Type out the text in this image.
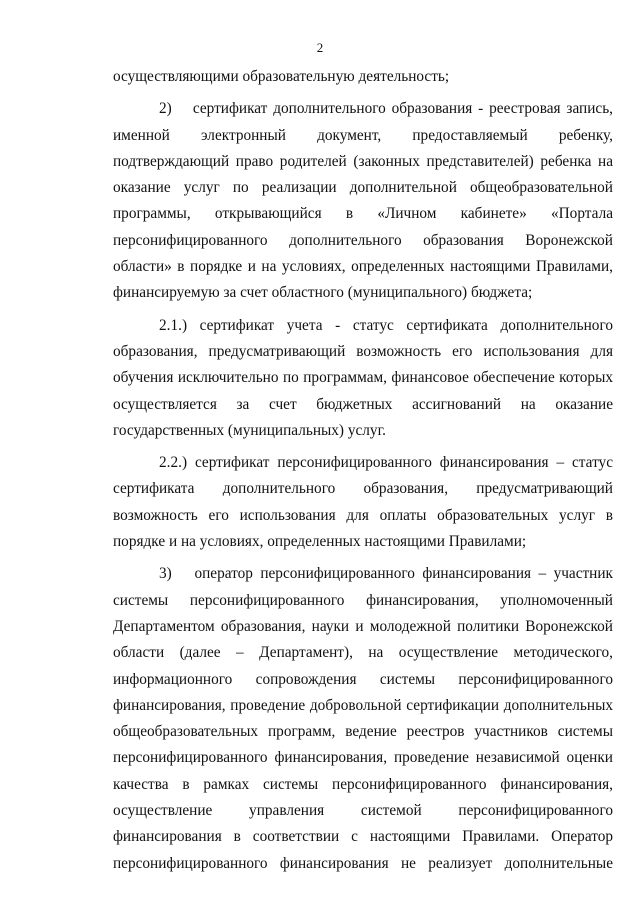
2

осуществляющими образовательную деятельность;

2)  сертификат дополнительного образования - реестровая запись, именной электронный документ, предоставляемый ребенку, подтверждающий право родителей (законных представителей) ребенка на оказание услуг по реализации дополнительной общеобразовательной программы, открывающийся в «Личном кабинете» «Портала персонифицированного дополнительного образования Воронежской области» в порядке и на условиях, определенных настоящими Правилами, финансируемую за счет областного (муниципального) бюджета;

2.1.) сертификат учета - статус сертификата дополнительного образования, предусматривающий возможность его использования для обучения исключительно по программам, финансовое обеспечение которых осуществляется за счет бюджетных ассигнований на оказание государственных (муниципальных) услуг.

2.2.) сертификат персонифицированного финансирования – статус сертификата дополнительного образования, предусматривающий возможность его использования для оплаты образовательных услуг в порядке и на условиях, определенных настоящими Правилами;

3)  оператор персонифицированного финансирования – участник системы персонифицированного финансирования, уполномоченный Департаментом образования, науки и молодежной политики Воронежской области (далее – Департамент), на осуществление методического, информационного сопровождения системы персонифицированного финансирования, проведение добровольной сертификации дополнительных общеобразовательных программ, ведение реестров участников системы персонифицированного финансирования, проведение независимой оценки качества в рамках системы персонифицированного финансирования, осуществление управления системой персонифицированного финансирования в соответствии с настоящими Правилами. Оператор персонифицированного финансирования не реализует дополнительные
